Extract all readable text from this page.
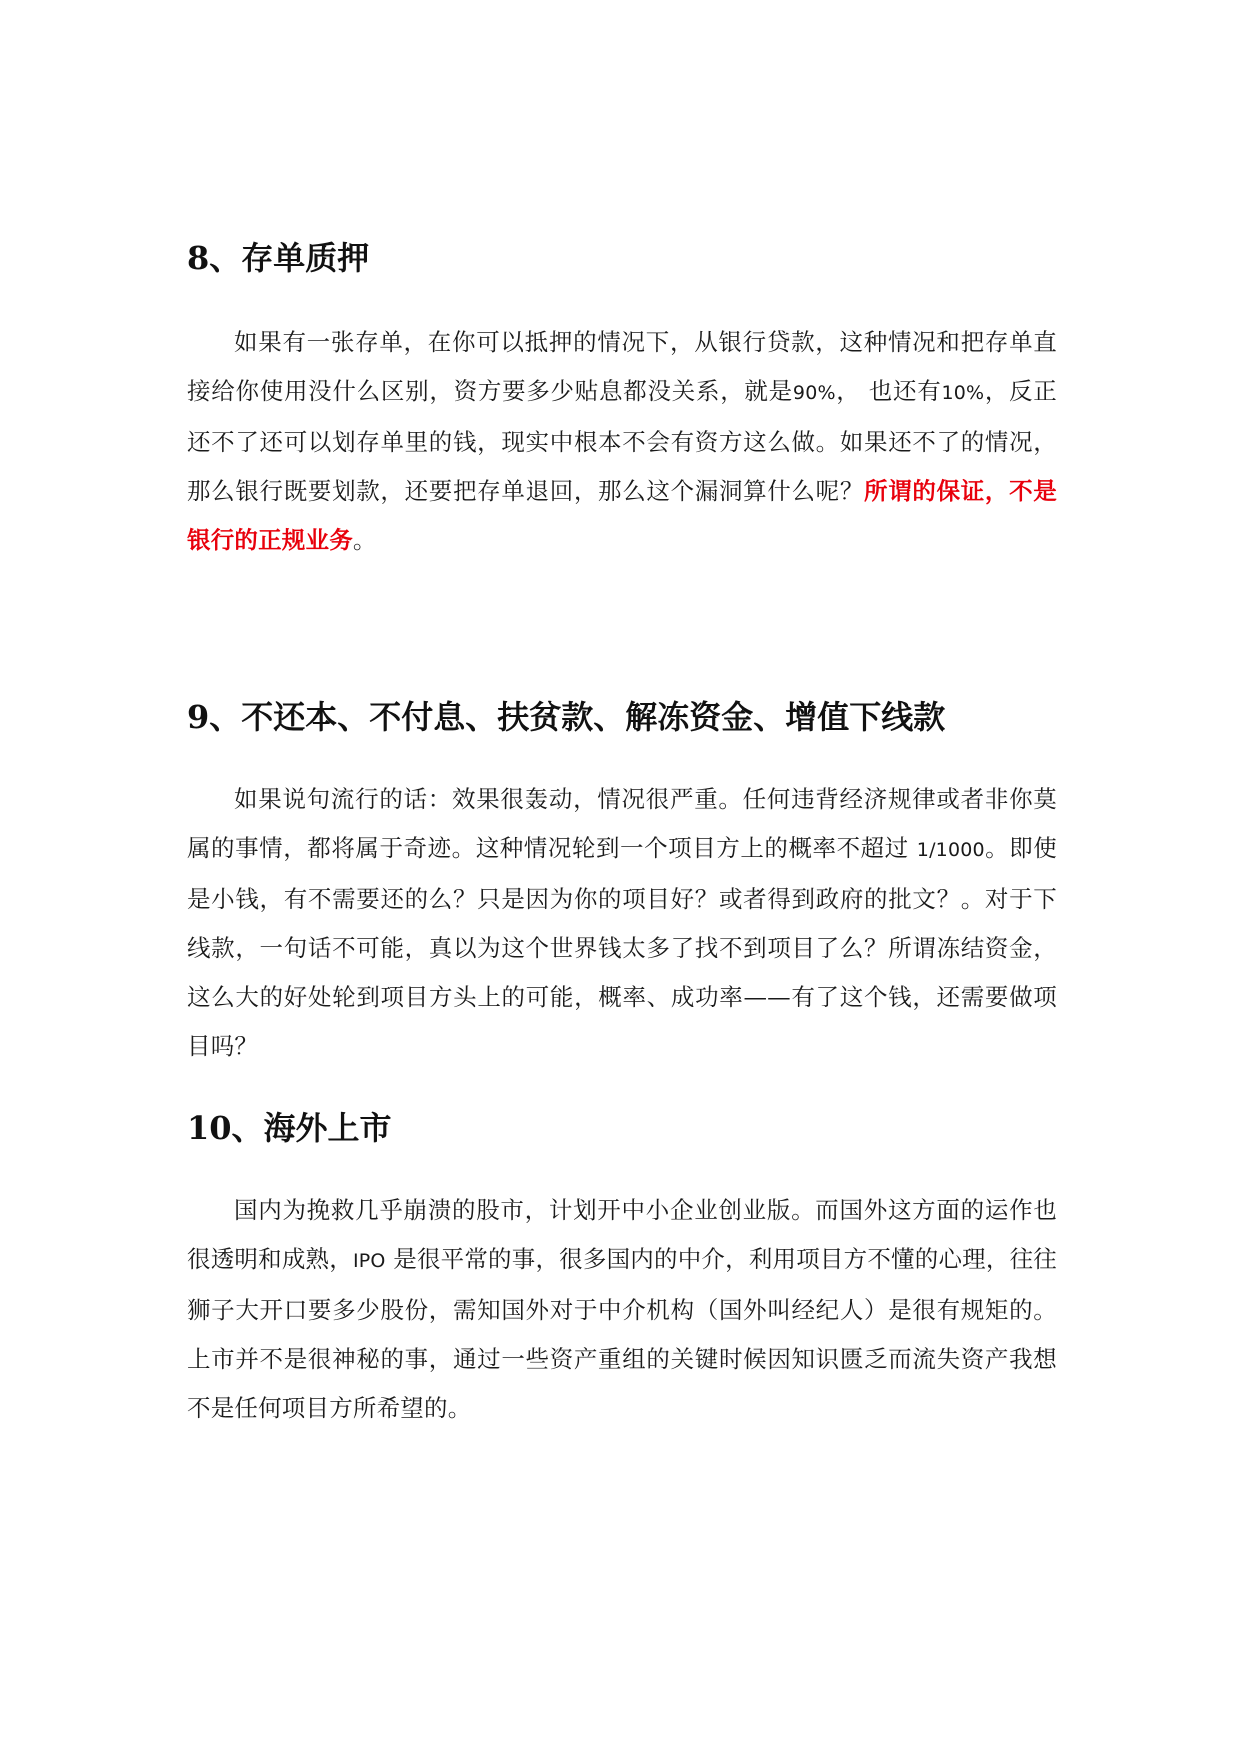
8、存单质押

如果有一张存单，在你可以抵押的情况下，从银行贷款，这种情况和把存单直接给你使用没什么区别，资方要多少贴息都没关系，就是90%， 也还有10%，反正还不了还可以划存单里的钱，现实中根本不会有资方这么做。如果还不了的情况，那么银行既要划款，还要把存单退回，那么这个漏洞算什么呢？所谓的保证，不是银行的正规业务。

9、不还本、不付息、扶贫款、解冻资金、增值下线款

如果说句流行的话：效果很轰动，情况很严重。任何违背经济规律或者非你莫属的事情，都将属于奇迹。这种情况轮到一个项目方上的概率不超过 1/1000。即使是小钱，有不需要还的么？只是因为你的项目好？或者得到政府的批文？。对于下线款，一句话不可能，真以为这个世界钱太多了找不到项目了么？所谓冻结资金，这么大的好处轮到项目方头上的可能，概率、成功率——有了这个钱，还需要做项目吗？

10、海外上市

国内为挽救几乎崩溃的股市，计划开中小企业创业版。而国外这方面的运作也很透明和成熟，IPO 是很平常的事，很多国内的中介，利用项目方不懂的心理，往往狮子大开口要多少股份，需知国外对于中介机构（国外叫经纪人）是很有规矩的。上市并不是很神秘的事，通过一些资产重组的关键时候因知识匮乏而流失资产我想不是任何项目方所希望的。
